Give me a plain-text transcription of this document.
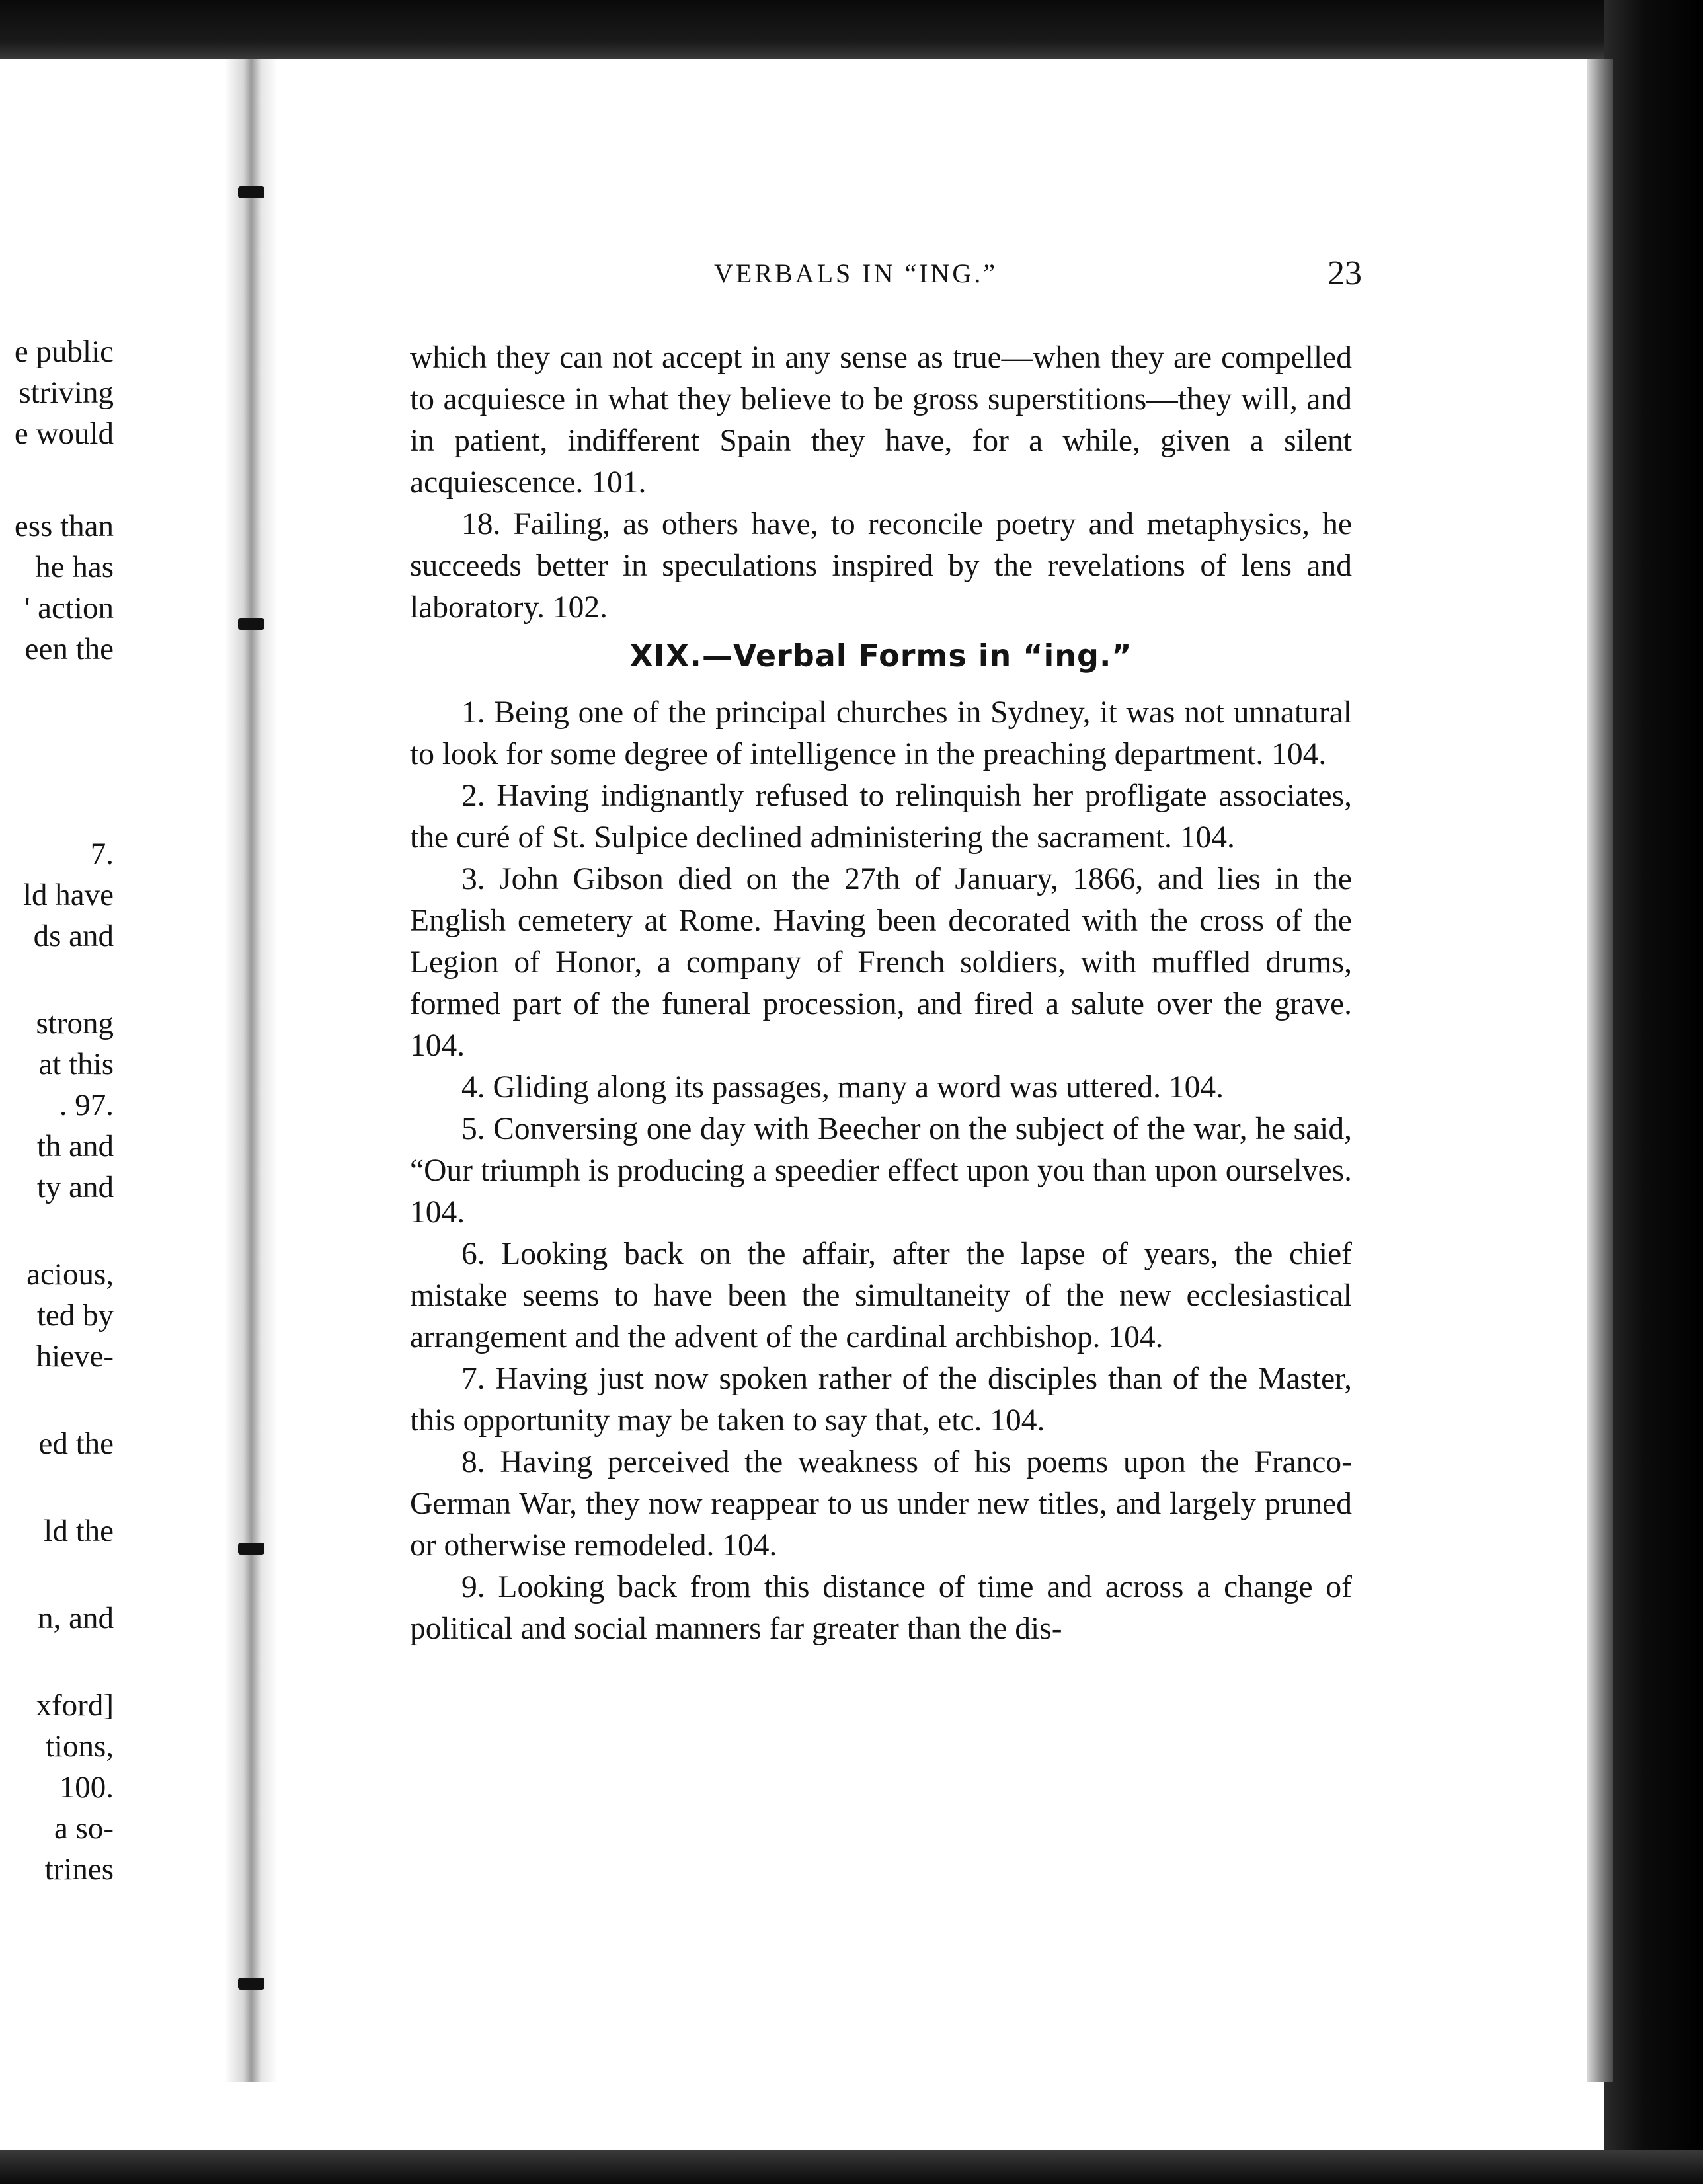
e public
striving
e would
ess than
he has
' action
een the
7.
ld have
ds and
strong
at this
. 97.
th and
ty and
acious,
ted by
hieve-
ed the
ld the
n, and
xford]
tions,
100.
a so-
trines
VERBALS IN “ING.”	23

which they can not accept in any sense as true—when they are compelled to acquiesce in what they believe to be gross superstitions—they will, and in patient, indifferent Spain they have, for a while, given a silent acquiescence. 101.

18. Failing, as others have, to reconcile poetry and metaphysics, he succeeds better in speculations inspired by the revelations of lens and laboratory. 102.

XIX.—Verbal Forms in “ing.”

1. Being one of the principal churches in Sydney, it was not unnatural to look for some degree of intelligence in the preaching department. 104.

2. Having indignantly refused to relinquish her profligate associates, the curé of St. Sulpice declined administering the sacrament. 104.

3. John Gibson died on the 27th of January, 1866, and lies in the English cemetery at Rome. Having been decorated with the cross of the Legion of Honor, a company of French soldiers, with muffled drums, formed part of the funeral procession, and fired a salute over the grave. 104.

4. Gliding along its passages, many a word was uttered. 104.

5. Conversing one day with Beecher on the subject of the war, he said, “Our triumph is producing a speedier effect upon you than upon ourselves. 104.

6. Looking back on the affair, after the lapse of years, the chief mistake seems to have been the simultaneity of the new ecclesiastical arrangement and the advent of the cardinal archbishop. 104.

7. Having just now spoken rather of the disciples than of the Master, this opportunity may be taken to say that, etc. 104.

8. Having perceived the weakness of his poems upon the Franco-German War, they now reappear to us under new titles, and largely pruned or otherwise remodeled. 104.

9. Looking back from this distance of time and across a change of political and social manners far greater than the dis-
